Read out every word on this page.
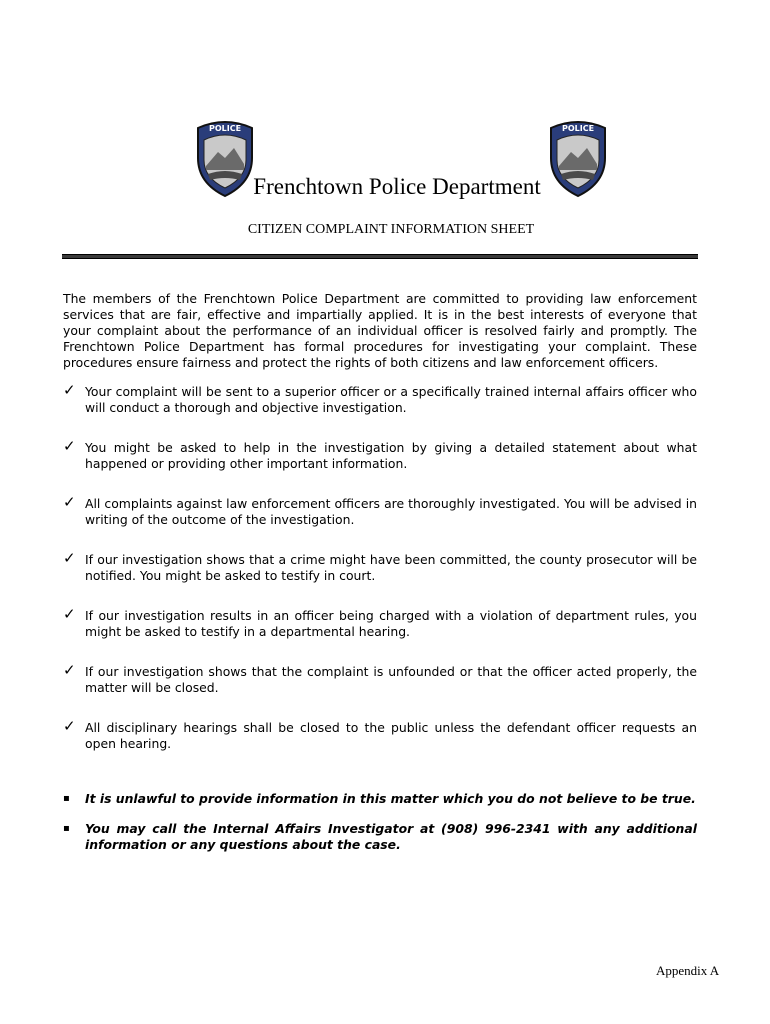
POLICE	POLICE
Frenchtown Police Department
CITIZEN COMPLAINT INFORMATION SHEET

The members of the Frenchtown Police Department are committed to providing law enforcement services that are fair, effective and impartially applied. It is in the best interests of everyone that your complaint about the performance of an individual officer is resolved fairly and promptly. The Frenchtown Police Department has formal procedures for investigating your complaint. These procedures ensure fairness and protect the rights of both citizens and law enforcement officers.

✓ Your complaint will be sent to a superior officer or a specifically trained internal affairs officer who will conduct a thorough and objective investigation.
✓ You might be asked to help in the investigation by giving a detailed statement about what happened or providing other important information.
✓ All complaints against law enforcement officers are thoroughly investigated. You will be advised in writing of the outcome of the investigation.
✓ If our investigation shows that a crime might have been committed, the county prosecutor will be notified. You might be asked to testify in court.
✓ If our investigation results in an officer being charged with a violation of department rules, you might be asked to testify in a departmental hearing.
✓ If our investigation shows that the complaint is unfounded or that the officer acted properly, the matter will be closed.
✓ All disciplinary hearings shall be closed to the public unless the defendant officer requests an open hearing.
▪ It is unlawful to provide information in this matter which you do not believe to be true.
▪ You may call the Internal Affairs Investigator at (908) 996-2341 with any additional information or any questions about the case.
Appendix A
